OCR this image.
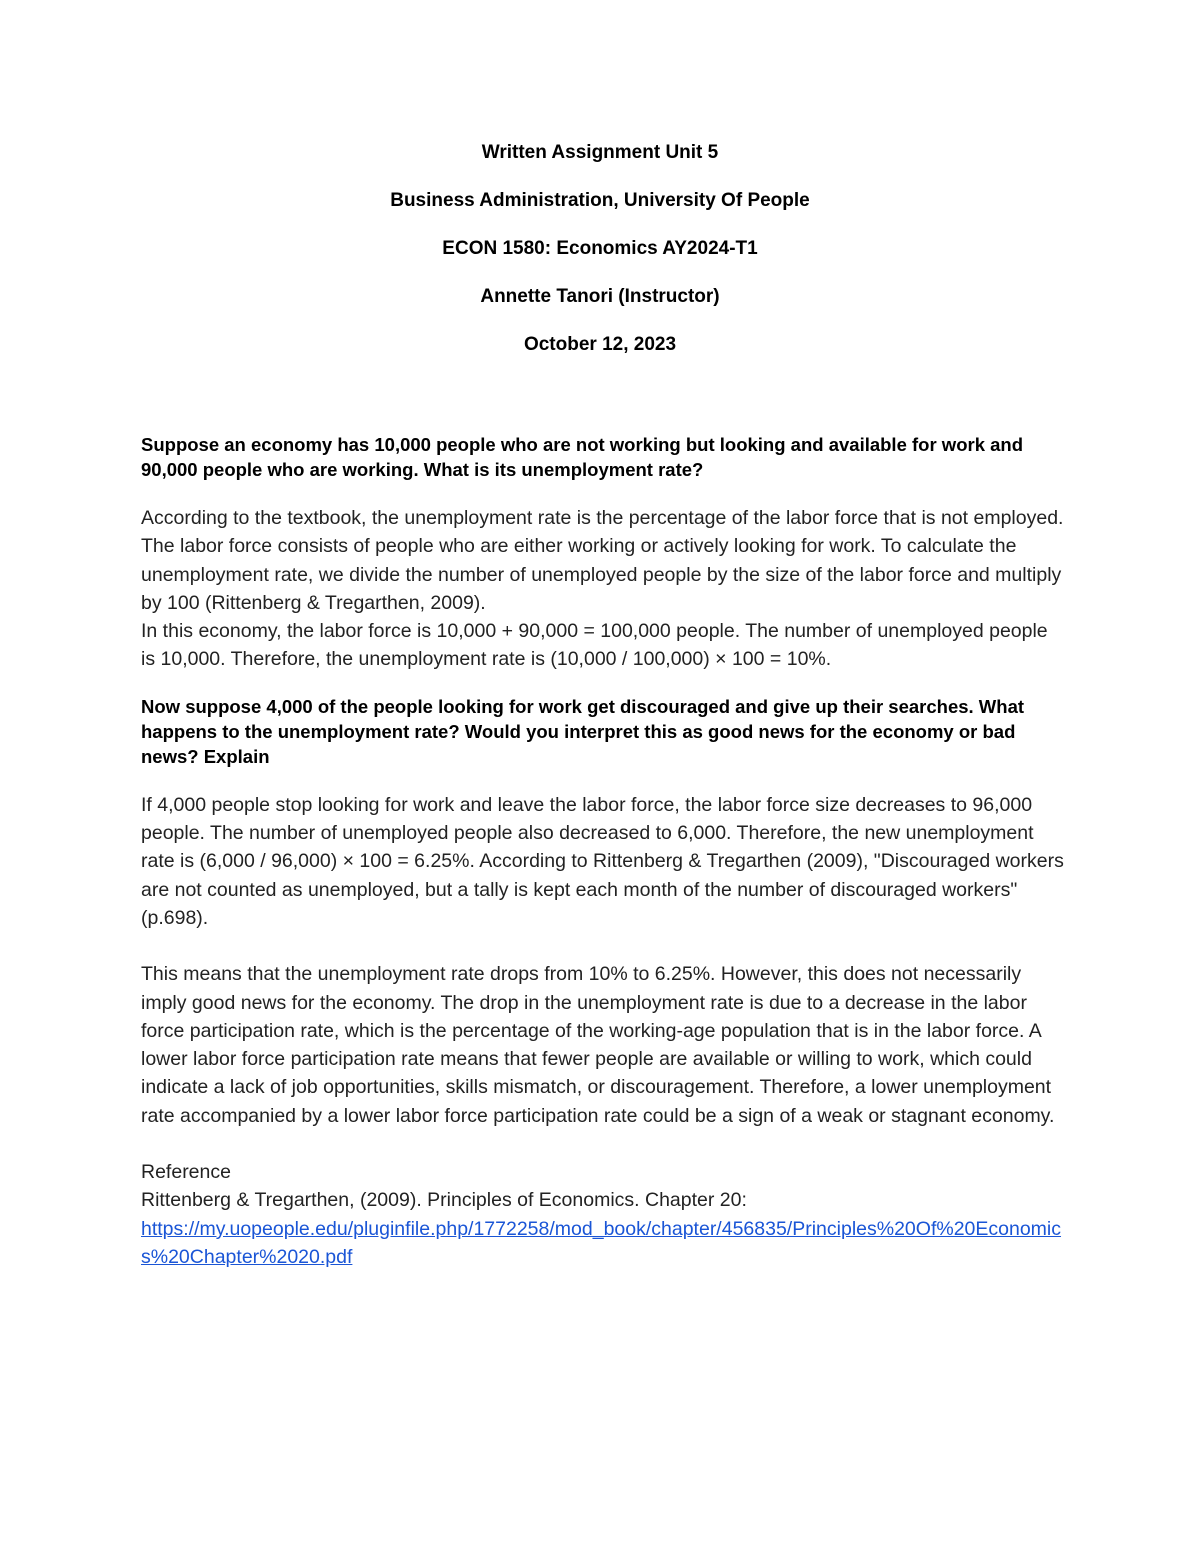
Written Assignment Unit 5
Business Administration, University Of People
ECON 1580: Economics AY2024-T1
Annette Tanori (Instructor)
October 12, 2023

Suppose an economy has 10,000 people who are not working but looking and available for work and 90,000 people who are working. What is its unemployment rate?

According to the textbook, the unemployment rate is the percentage of the labor force that is not employed. The labor force consists of people who are either working or actively looking for work. To calculate the unemployment rate, we divide the number of unemployed people by the size of the labor force and multiply by 100 (Rittenberg & Tregarthen, 2009).

In this economy, the labor force is 10,000 + 90,000 = 100,000 people. The number of unemployed people is 10,000. Therefore, the unemployment rate is (10,000 / 100,000) × 100 = 10%.

Now suppose 4,000 of the people looking for work get discouraged and give up their searches. What happens to the unemployment rate? Would you interpret this as good news for the economy or bad news? Explain

If 4,000 people stop looking for work and leave the labor force, the labor force size decreases to 96,000 people. The number of unemployed people also decreased to 6,000. Therefore, the new unemployment rate is (6,000 / 96,000) × 100 = 6.25%. According to Rittenberg & Tregarthen (2009), "Discouraged workers are not counted as unemployed, but a tally is kept each month of the number of discouraged workers" (p.698).

This means that the unemployment rate drops from 10% to 6.25%. However, this does not necessarily imply good news for the economy. The drop in the unemployment rate is due to a decrease in the labor force participation rate, which is the percentage of the working-age population that is in the labor force. A lower labor force participation rate means that fewer people are available or willing to work, which could indicate a lack of job opportunities, skills mismatch, or discouragement. Therefore, a lower unemployment rate accompanied by a lower labor force participation rate could be a sign of a weak or stagnant economy.

Reference

Rittenberg & Tregarthen, (2009). Principles of Economics. Chapter 20:

https://my.uopeople.edu/pluginfile.php/1772258/mod_book/chapter/456835/Principles%20Of%20Economics%20Chapter%2020.pdf
